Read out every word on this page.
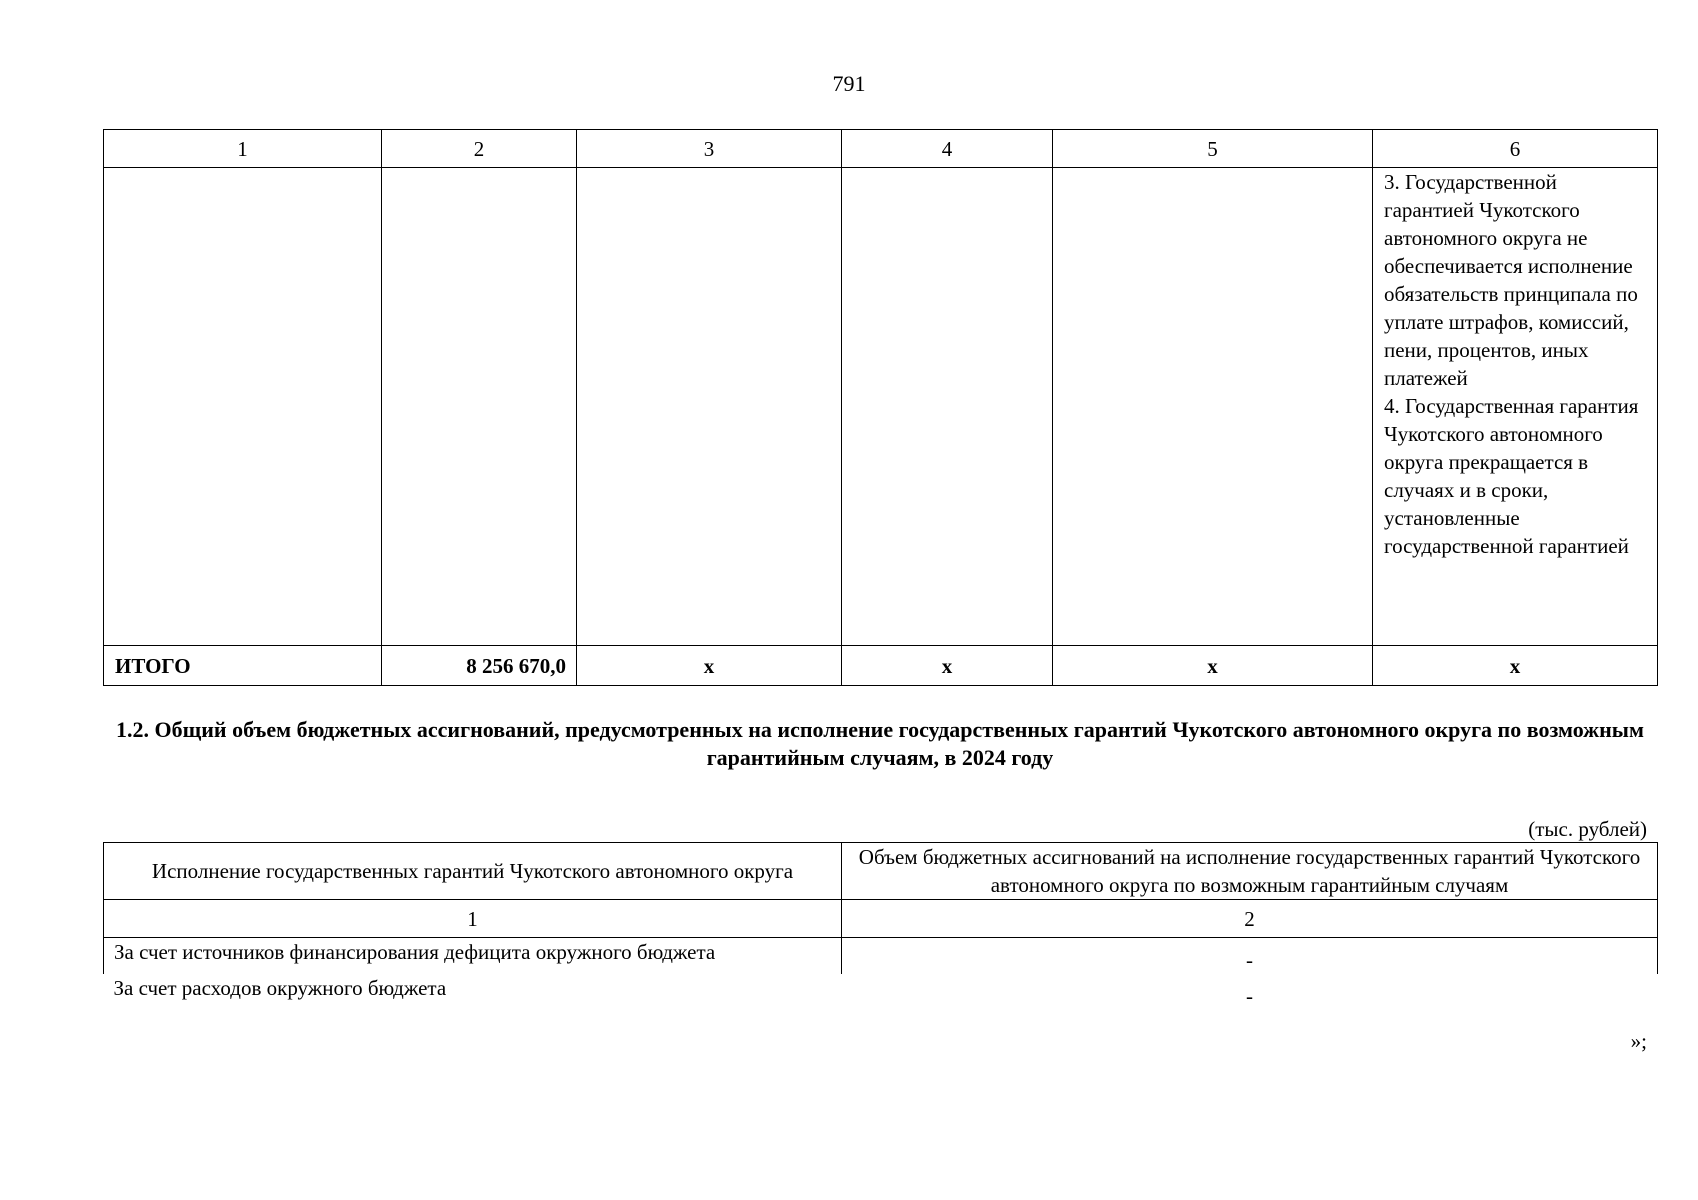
791
1	2	3	4	5	6

					3. Государственной гарантией Чукотского автономного округа не обеспечивается исполнение обязательств принципала по уплате штрафов, комиссий, пени, процентов, иных платежей
4. Государственная гарантия Чукотского автономного округа прекращается в случаях и в сроки, установленные государственной гарантией

ИТОГО	8 256 670,0	х	х	х	х
1.2. Общий объем бюджетных ассигнований, предусмотренных на исполнение государственных гарантий Чукотского автономного округа по возможным гарантийным случаям, в 2024 году
(тыс. рублей)
Исполнение государственных гарантий Чукотского автономного округа	Объем бюджетных ассигнований на исполнение государственных гарантий Чукотского автономного округа по возможным гарантийным случаям
1	2
За счет источников финансирования дефицита окружного бюджета	-
За счет расходов окружного бюджета	-
»;
